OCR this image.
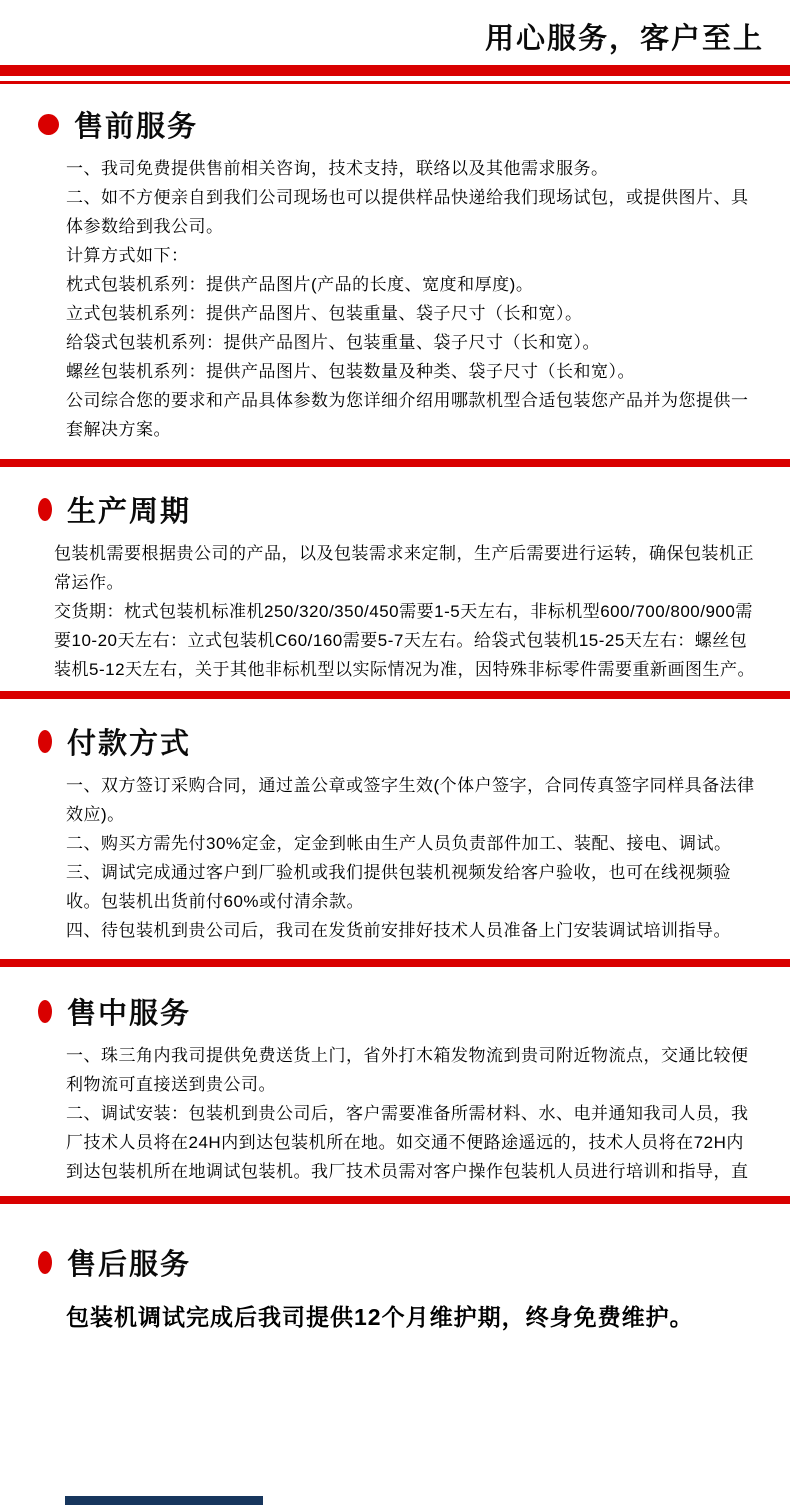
用心服务，客户至上
售前服务

一、我司免费提供售前相关咨询，技术支持，联络以及其他需求服务。

二、如不方便亲自到我们公司现场也可以提供样品快递给我们现场试包，或提供图片、具体参数给到我公司。

计算方式如下：

枕式包装机系列：提供产品图片(产品的长度、宽度和厚度)。

立式包装机系列：提供产品图片、包装重量、袋子尺寸（长和宽）。

给袋式包装机系列：提供产品图片、包装重量、袋子尺寸（长和宽）。

螺丝包装机系列：提供产品图片、包装数量及种类、袋子尺寸（长和宽）。

公司综合您的要求和产品具体参数为您详细介绍用哪款机型合适包装您产品并为您提供一套解决方案。

生产周期

包装机需要根据贵公司的产品，以及包装需求来定制，生产后需要进行运转，确保包装机正常运作。

交货期：枕式包装机标准机250/320/350/450需要1-5天左右，非标机型600/700/800/900需要10-20天左右：立式包装机C60/160需要5-7天左右。给袋式包装机15-25天左右：螺丝包装机5-12天左右，关于其他非标机型以实际情况为准，因特殊非标零件需要重新画图生产。

付款方式

一、双方签订采购合同，通过盖公章或签字生效(个体户签字，合同传真签字同样具备法律效应)。

二、购买方需先付30%定金，定金到帐由生产人员负责部件加工、装配、接电、调试。

三、调试完成通过客户到厂验机或我们提供包装机视频发给客户验收，也可在线视频验收。包装机出货前付60%或付清余款。

四、待包装机到贵公司后，我司在发货前安排好技术人员准备上门安装调试培训指导。

售中服务

一、珠三角内我司提供免费送货上门，省外打木箱发物流到贵司附近物流点，交通比较便利物流可直接送到贵公司。

二、调试安装：包装机到贵公司后，客户需要准备所需材料、水、电并通知我司人员，我厂技术人员将在24H内到达包装机所在地。如交通不便路途遥远的，技术人员将在72H内到达包装机所在地调试包装机。我厂技术员需对客户操作包装机人员进行培训和指导，直

售后服务

包装机调试完成后我司提供12个月维护期，终身免费维护。
